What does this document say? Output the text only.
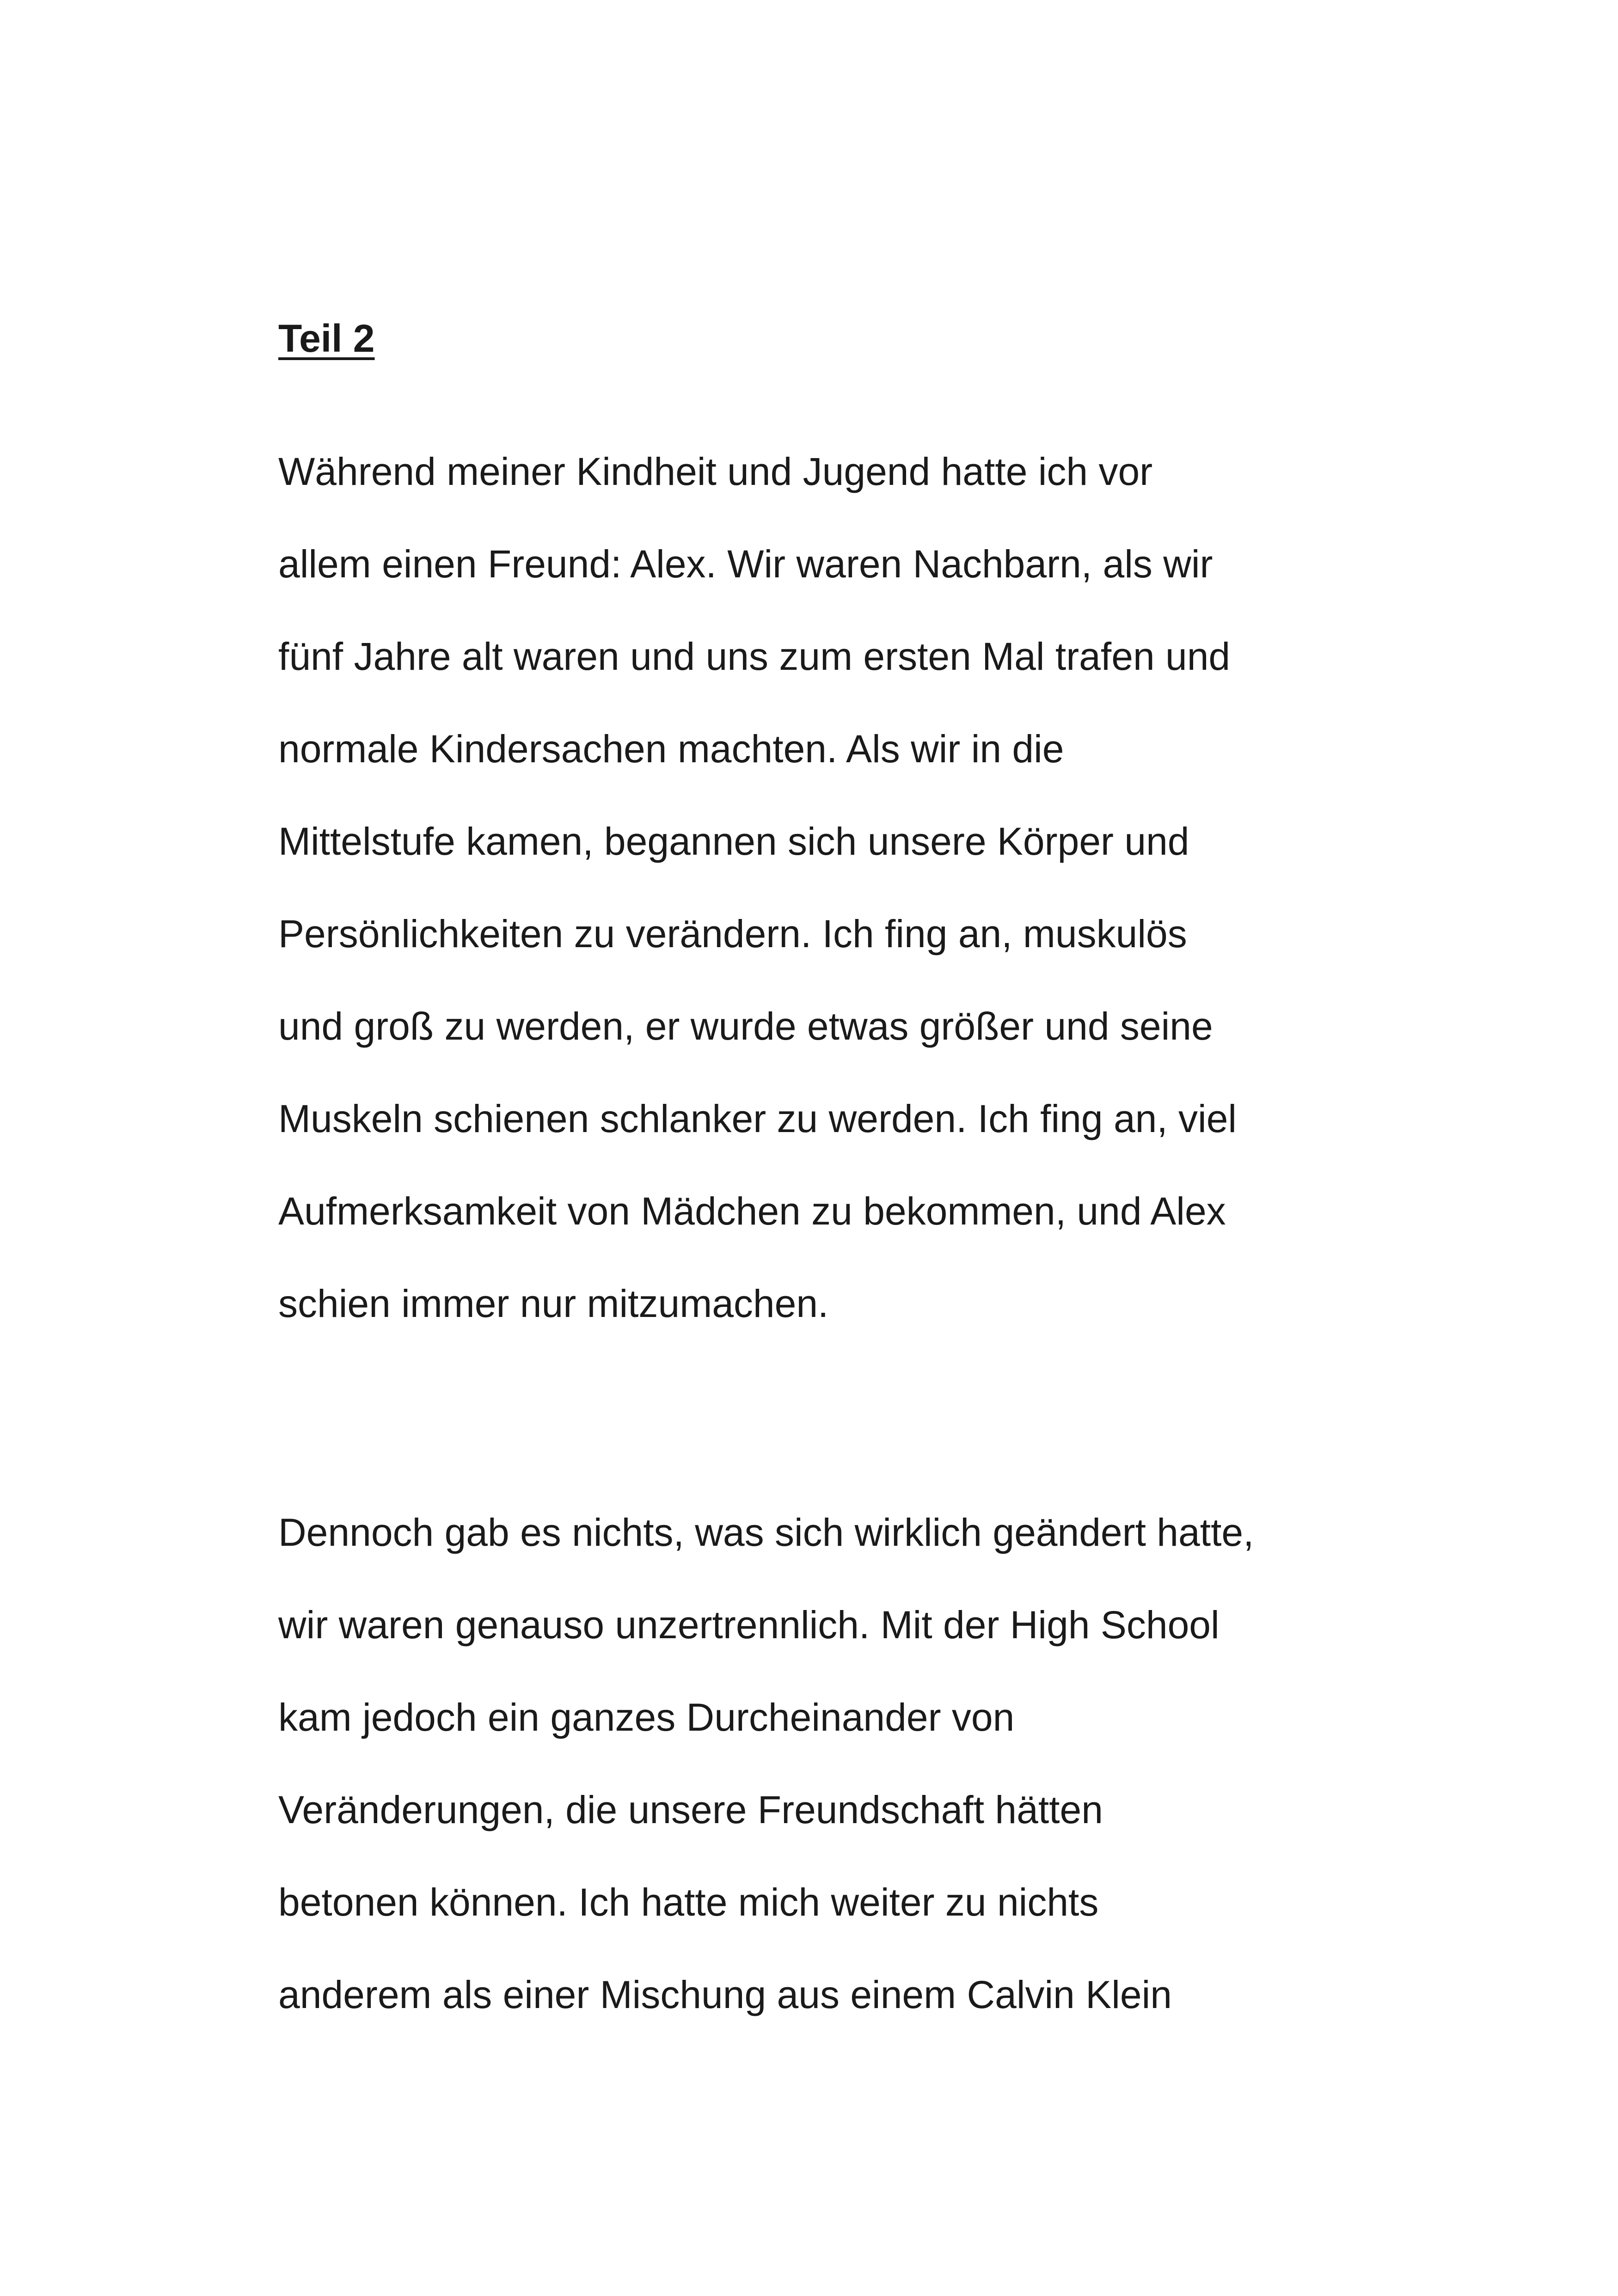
Teil 2

Während meiner Kindheit und Jugend hatte ich vor
allem einen Freund: Alex. Wir waren Nachbarn, als wir
fünf Jahre alt waren und uns zum ersten Mal trafen und
normale Kindersachen machten. Als wir in die
Mittelstufe kamen, begannen sich unsere Körper und
Persönlichkeiten zu verändern. Ich fing an, muskulös
und groß zu werden, er wurde etwas größer und seine
Muskeln schienen schlanker zu werden. Ich fing an, viel
Aufmerksamkeit von Mädchen zu bekommen, und Alex
schien immer nur mitzumachen.

Dennoch gab es nichts, was sich wirklich geändert hatte,
wir waren genauso unzertrennlich. Mit der High School
kam jedoch ein ganzes Durcheinander von
Veränderungen, die unsere Freundschaft hätten
betonen können. Ich hatte mich weiter zu nichts
anderem als einer Mischung aus einem Calvin Klein
